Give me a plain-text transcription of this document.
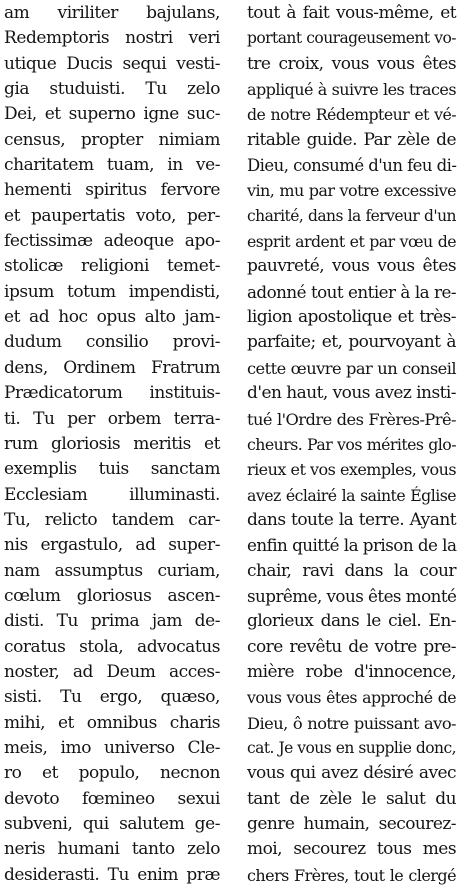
am viriliter bajulans,
Redemptoris nostri veri
utique Ducis sequi vesti-
gia studuisti. Tu zelo
Dei, et superno igne suc-
census, propter nimiam
charitatem tuam, in ve-
hementi spiritus fervore
et paupertatis voto, per-
fectissimæ adeoque apo-
stolicæ religioni temet-
ipsum totum impendisti,
et ad hoc opus alto jam-
dudum consilio provi-
dens, Ordinem Fratrum
Prædicatorum instituis-
ti. Tu per orbem terra-
rum gloriosis meritis et
exemplis tuis sanctam
Ecclesiam illuminasti.
Tu, relicto tandem car-
nis ergastulo, ad super-
nam assumptus curiam,
cœlum gloriosus ascen-
disti. Tu prima jam de-
coratus stola, advocatus
noster, ad Deum acces-
sisti. Tu ergo, quæso,
mihi, et omnibus charis
meis, imo universo Cle-
ro et populo, necnon
devoto fœmineo sexui
subveni, qui salutem ge-
neris humani tanto zelo
desiderasti. Tu enim præ
tout à fait vous-même, et
portant courageusement vo-
tre croix, vous vous êtes
appliqué à suivre les traces
de notre Rédempteur et vé-
ritable guide. Par zèle de
Dieu, consumé d'un feu di-
vin, mu par votre excessive
charité, dans la ferveur d'un
esprit ardent et par vœu de
pauvreté, vous vous êtes
adonné tout entier à la re-
ligion apostolique et très-
parfaite; et, pourvoyant à
cette œuvre par un conseil
d'en haut, vous avez insti-
tué l'Ordre des Frères-Prê-
cheurs. Par vos mérites glo-
rieux et vos exemples, vous
avez éclairé la sainte Église
dans toute la terre. Ayant
enfin quitté la prison de la
chair, ravi dans la cour
suprême, vous êtes monté
glorieux dans le ciel. En-
core revêtu de votre pre-
mière robe d'innocence,
vous vous êtes approché de
Dieu, ô notre puissant avo-
cat. Je vous en supplie donc,
vous qui avez désiré avec
tant de zèle le salut du
genre humain, secourez-
moi, secourez tous mes
chers Frères, tout le clergé
